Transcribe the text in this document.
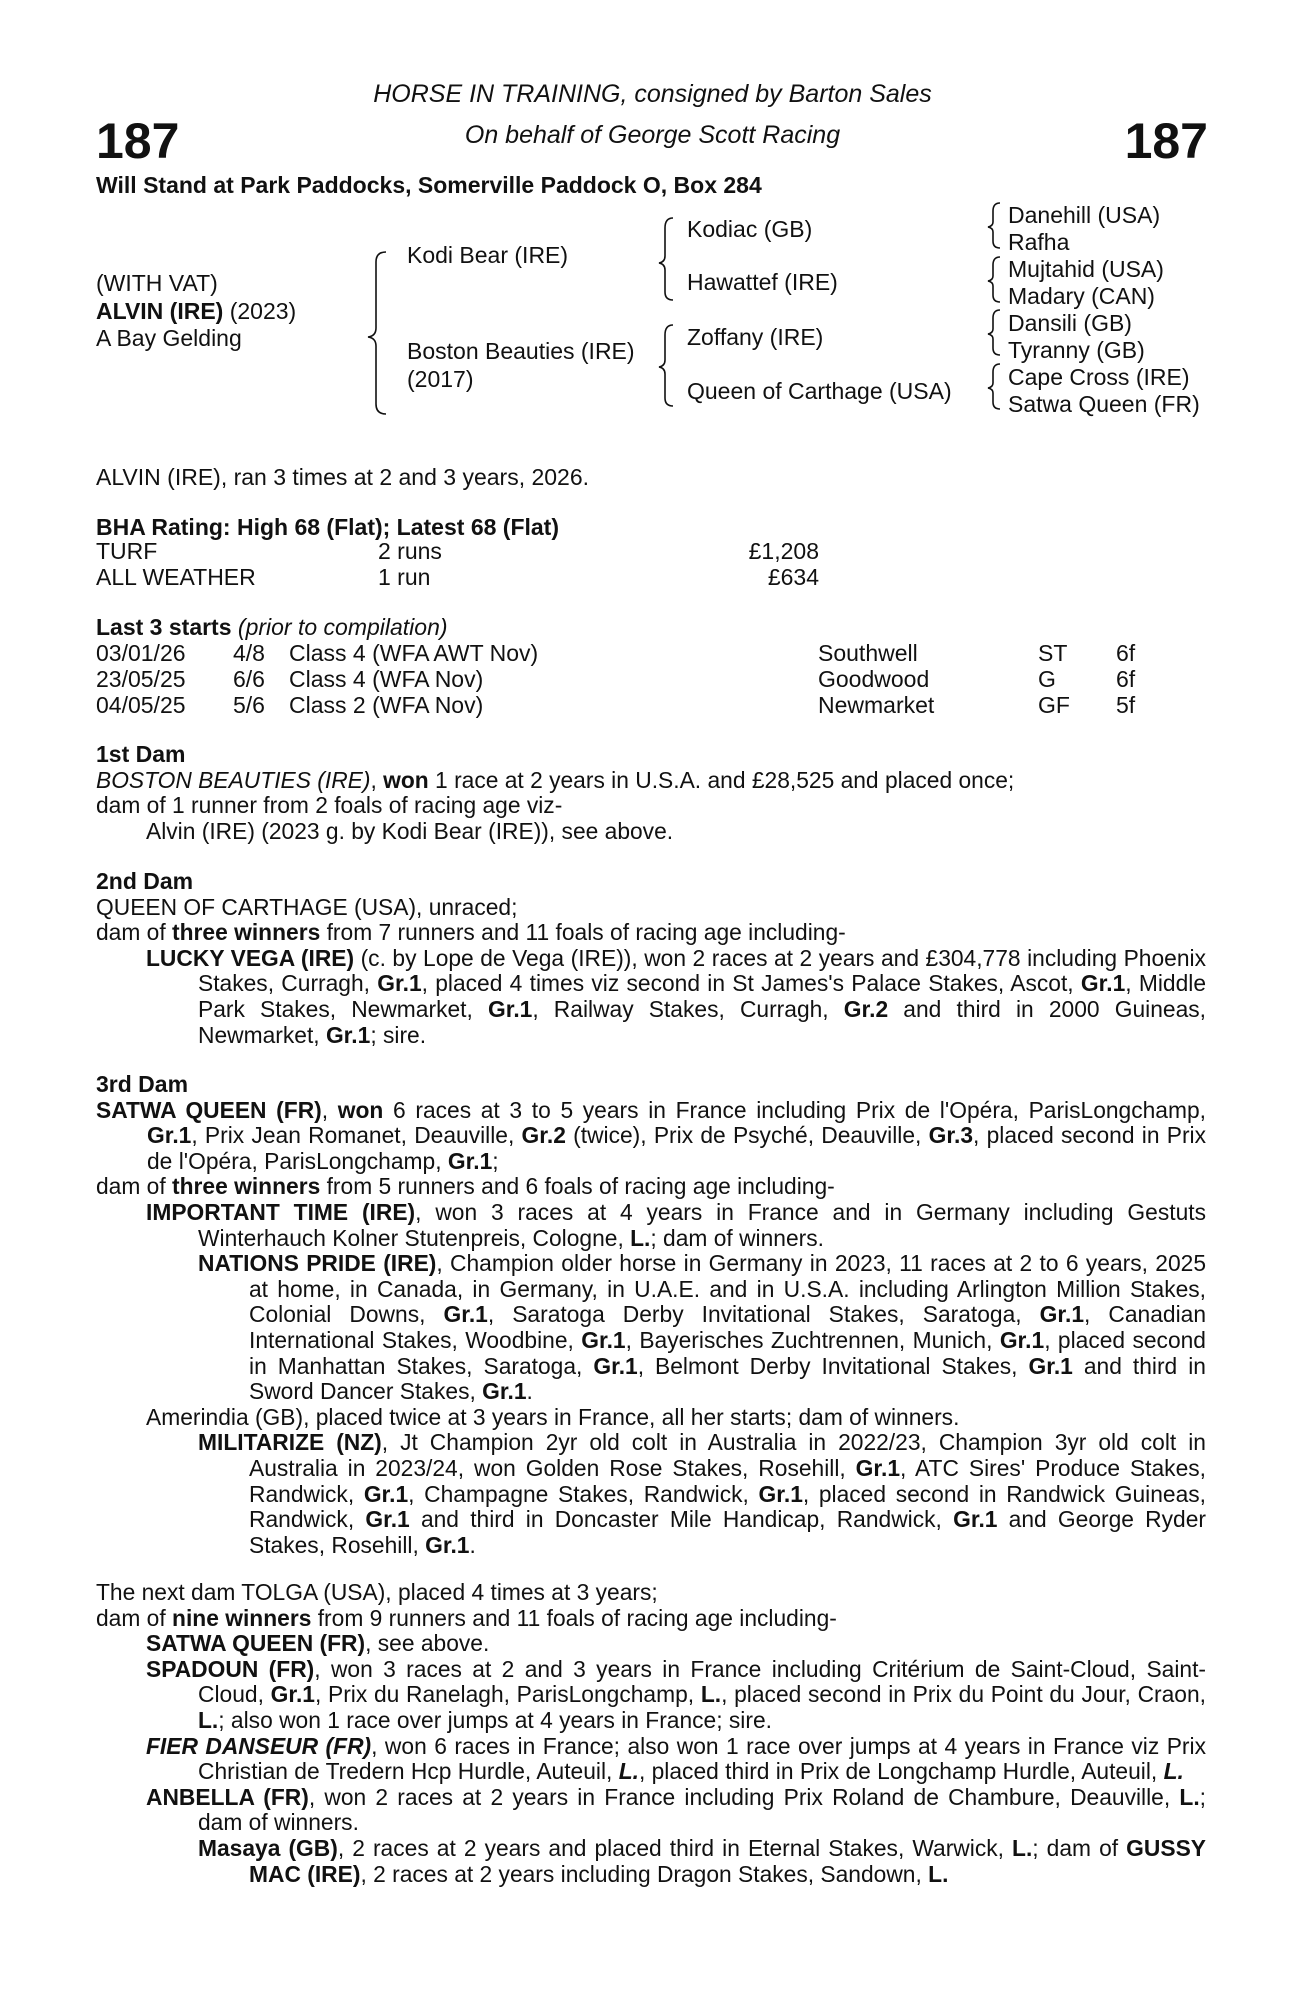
187	187
HORSE IN TRAINING, consigned by Barton Sales
On behalf of George Scott Racing
Will Stand at Park Paddocks, Somerville Paddock O, Box 284
(WITH VAT)
ALVIN (IRE) (2023)
A Bay Gelding
Kodi Bear (IRE)
Boston Beauties (IRE)
(2017)
Kodiac (GB)
Hawattef (IRE)
Zoffany (IRE)
Queen of Carthage (USA)
Danehill (USA)
Rafha
Mujtahid (USA)
Madary (CAN)
Dansili (GB)
Tyranny (GB)
Cape Cross (IRE)
Satwa Queen (FR)
ALVIN (IRE), ran 3 times at 2 and 3 years, 2026.
BHA Rating: High 68 (Flat); Latest 68 (Flat)
TURF	2 runs	£1,208
ALL WEATHER	1 run	£634
Last 3 starts (prior to compilation)
03/01/26 4/8 Class 4 (WFA AWT Nov)	Southwell	ST 6f
23/05/25 6/6 Class 4 (WFA Nov)	Goodwood	G	6f
04/05/25 5/6 Class 2 (WFA Nov)	Newmarket	GF 5f

1st Dam

BOSTON BEAUTIES (IRE), won 1 race at 2 years in U.S.A. and £28,525 and placed once;

dam of 1 runner from 2 foals of racing age viz-

Alvin (IRE) (2023 g. by Kodi Bear (IRE)), see above.

2nd Dam

QUEEN OF CARTHAGE (USA), unraced;

dam of three winners from 7 runners and 11 foals of racing age including-

LUCKY VEGA (IRE) (c. by Lope de Vega (IRE)), won 2 races at 2 years and £304,778 including Phoenix Stakes, Curragh, Gr.1, placed 4 times viz second in St James's Palace Stakes, Ascot, Gr.1, Middle Park Stakes, Newmarket, Gr.1, Railway Stakes, Curragh, Gr.2 and third in 2000 Guineas, Newmarket, Gr.1; sire.

3rd Dam

SATWA QUEEN (FR), won 6 races at 3 to 5 years in France including Prix de l'Opéra, ParisLongchamp, Gr.1, Prix Jean Romanet, Deauville, Gr.2 (twice), Prix de Psyché, Deauville, Gr.3, placed second in Prix de l'Opéra, ParisLongchamp, Gr.1;

dam of three winners from 5 runners and 6 foals of racing age including-

IMPORTANT TIME (IRE), won 3 races at 4 years in France and in Germany including Gestuts Winterhauch Kolner Stutenpreis, Cologne, L.; dam of winners.

NATIONS PRIDE (IRE), Champion older horse in Germany in 2023, 11 races at 2 to 6 years, 2025 at home, in Canada, in Germany, in U.A.E. and in U.S.A. including Arlington Million Stakes, Colonial Downs, Gr.1, Saratoga Derby Invitational Stakes, Saratoga, Gr.1, Canadian International Stakes, Woodbine, Gr.1, Bayerisches Zuchtrennen, Munich, Gr.1, placed second in Manhattan Stakes, Saratoga, Gr.1, Belmont Derby Invitational Stakes, Gr.1 and third in Sword Dancer Stakes, Gr.1.

Amerindia (GB), placed twice at 3 years in France, all her starts; dam of winners.

MILITARIZE (NZ), Jt Champion 2yr old colt in Australia in 2022/23, Champion 3yr old colt in Australia in 2023/24, won Golden Rose Stakes, Rosehill, Gr.1, ATC Sires' Produce Stakes, Randwick, Gr.1, Champagne Stakes, Randwick, Gr.1, placed second in Randwick Guineas, Randwick, Gr.1 and third in Doncaster Mile Handicap, Randwick, Gr.1 and George Ryder Stakes, Rosehill, Gr.1.

The next dam TOLGA (USA), placed 4 times at 3 years;

dam of nine winners from 9 runners and 11 foals of racing age including-

SATWA QUEEN (FR), see above.

SPADOUN (FR), won 3 races at 2 and 3 years in France including Critérium de Saint-Cloud, Saint-Cloud, Gr.1, Prix du Ranelagh, ParisLongchamp, L., placed second in Prix du Point du Jour, Craon, L.; also won 1 race over jumps at 4 years in France; sire.

FIER DANSEUR (FR), won 6 races in France; also won 1 race over jumps at 4 years in France viz Prix Christian de Tredern Hcp Hurdle, Auteuil, L., placed third in Prix de Longchamp Hurdle, Auteuil, L.

ANBELLA (FR), won 2 races at 2 years in France including Prix Roland de Chambure, Deauville, L.; dam of winners.

Masaya (GB), 2 races at 2 years and placed third in Eternal Stakes, Warwick, L.; dam of GUSSY MAC (IRE), 2 races at 2 years including Dragon Stakes, Sandown, L.
